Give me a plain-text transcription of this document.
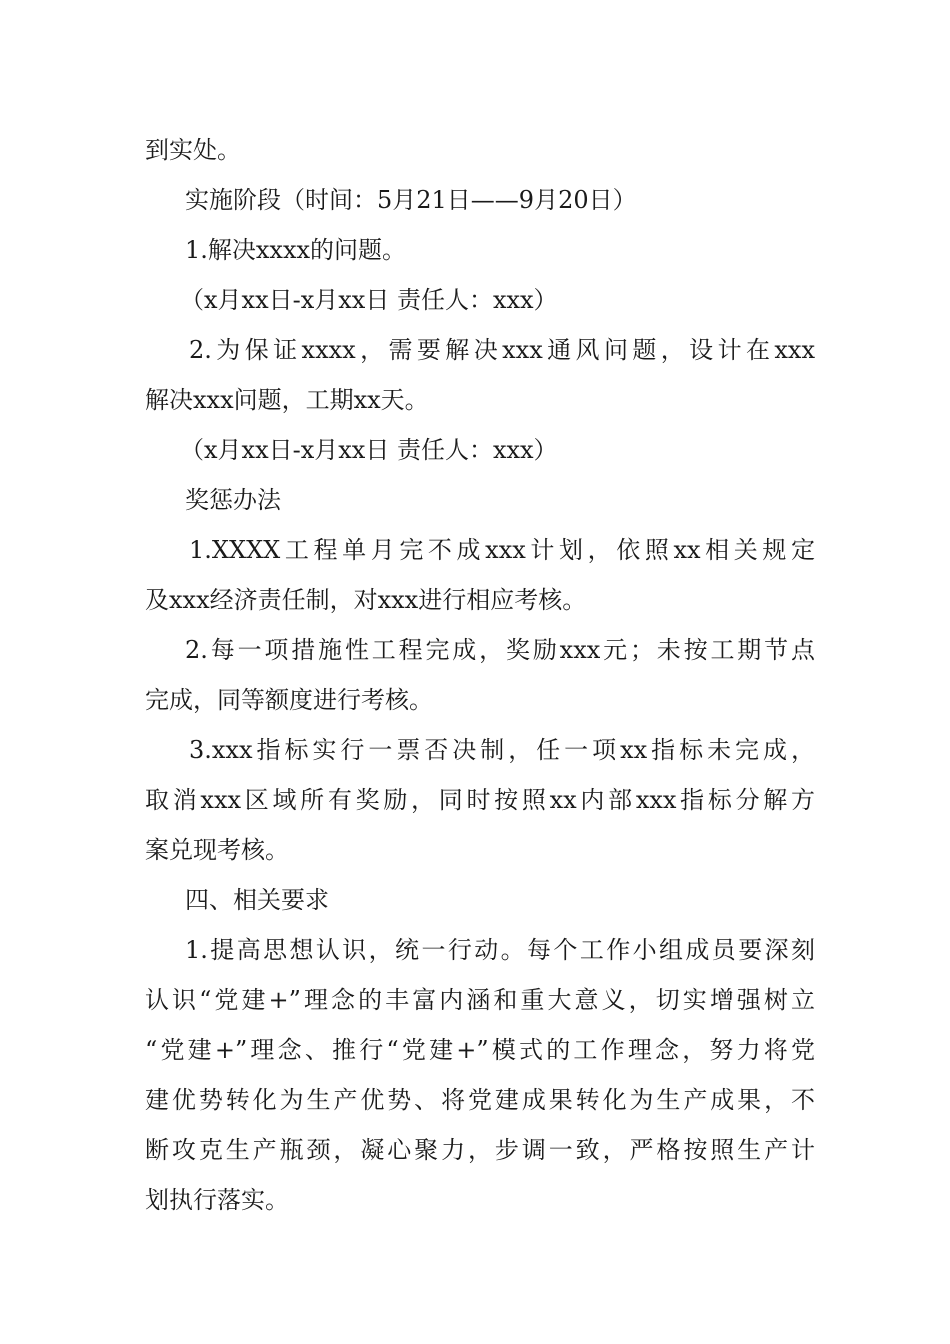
到实处。
实施阶段（时间：5月21日——9月20日）
1.解决xxxx的问题。
（x月xx日-x月xx日 责任人：xxx）
2.为保证xxxx，需要解决xxx通风问题，设计在xxx
解决xxx问题，工期xx天。
（x月xx日-x月xx日 责任人：xxx）
奖惩办法
1.XXXX工程单月完不成xxx计划，依照xx相关规定
及xxx经济责任制，对xxx进行相应考核。
2.每一项措施性工程完成，奖励xxx元；未按工期节点
完成，同等额度进行考核。
3.xxx指标实行一票否决制，任一项xx指标未完成，
取消xxx区域所有奖励，同时按照xx内部xxx指标分解方
案兑现考核。
四、相关要求
1.提高思想认识，统一行动。每个工作小组成员要深刻
认识“党建+”理念的丰富内涵和重大意义，切实增强树立
“党建+”理念、推行“党建+”模式的工作理念，努力将党
建优势转化为生产优势、将党建成果转化为生产成果，不
断攻克生产瓶颈，凝心聚力，步调一致，严格按照生产计
划执行落实。
